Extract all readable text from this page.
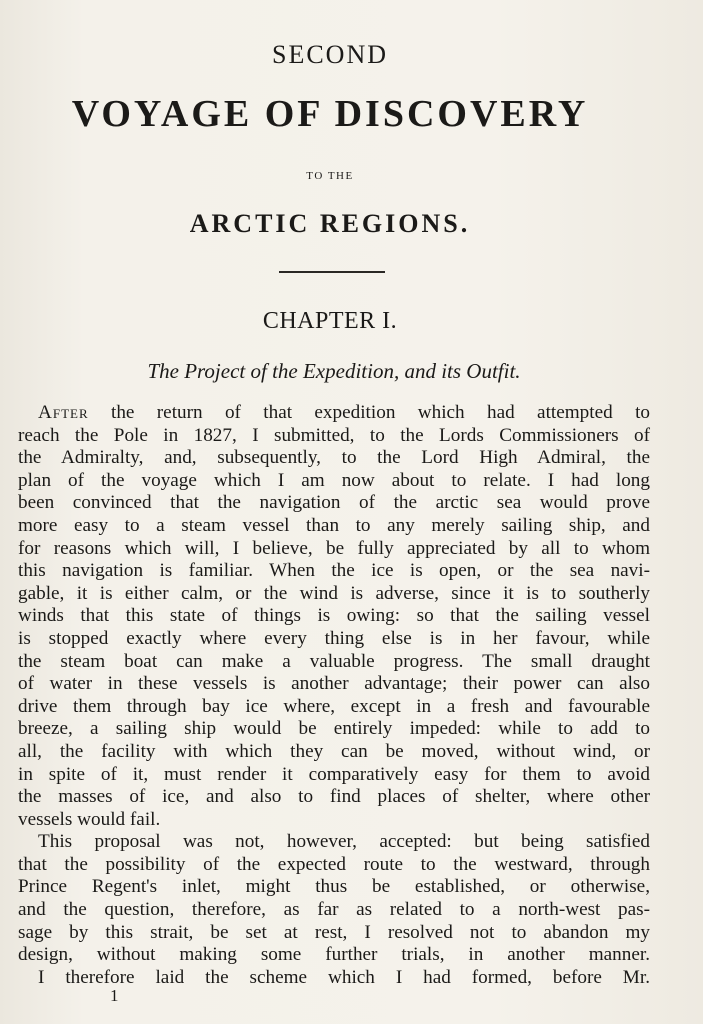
SECOND
VOYAGE OF DISCOVERY
TO THE
ARCTIC REGIONS.
CHAPTER I.
The Project of the Expedition, and its Outfit.
After the return of that expedition which had attempted to
reach the Pole in 1827, I submitted, to the Lords Commissioners of
the Admiralty, and, subsequently, to the Lord High Admiral, the
plan of the voyage which I am now about to relate. I had long
been convinced that the navigation of the arctic sea would prove
more easy to a steam vessel than to any merely sailing ship, and
for reasons which will, I believe, be fully appreciated by all to whom
this navigation is familiar. When the ice is open, or the sea navi-
gable, it is either calm, or the wind is adverse, since it is to southerly
winds that this state of things is owing: so that the sailing vessel
is stopped exactly where every thing else is in her favour, while
the steam boat can make a valuable progress. The small draught
of water in these vessels is another advantage; their power can also
drive them through bay ice where, except in a fresh and favourable
breeze, a sailing ship would be entirely impeded: while to add to
all, the facility with which they can be moved, without wind, or
in spite of it, must render it comparatively easy for them to avoid
the masses of ice, and also to find places of shelter, where other
vessels would fail.
This proposal was not, however, accepted: but being satisfied
that the possibility of the expected route to the westward, through
Prince Regent's inlet, might thus be established, or otherwise,
and the question, therefore, as far as related to a north-west pas-
sage by this strait, be set at rest, I resolved not to abandon my
design, without making some further trials, in another manner.
I therefore laid the scheme which I had formed, before Mr.
1
